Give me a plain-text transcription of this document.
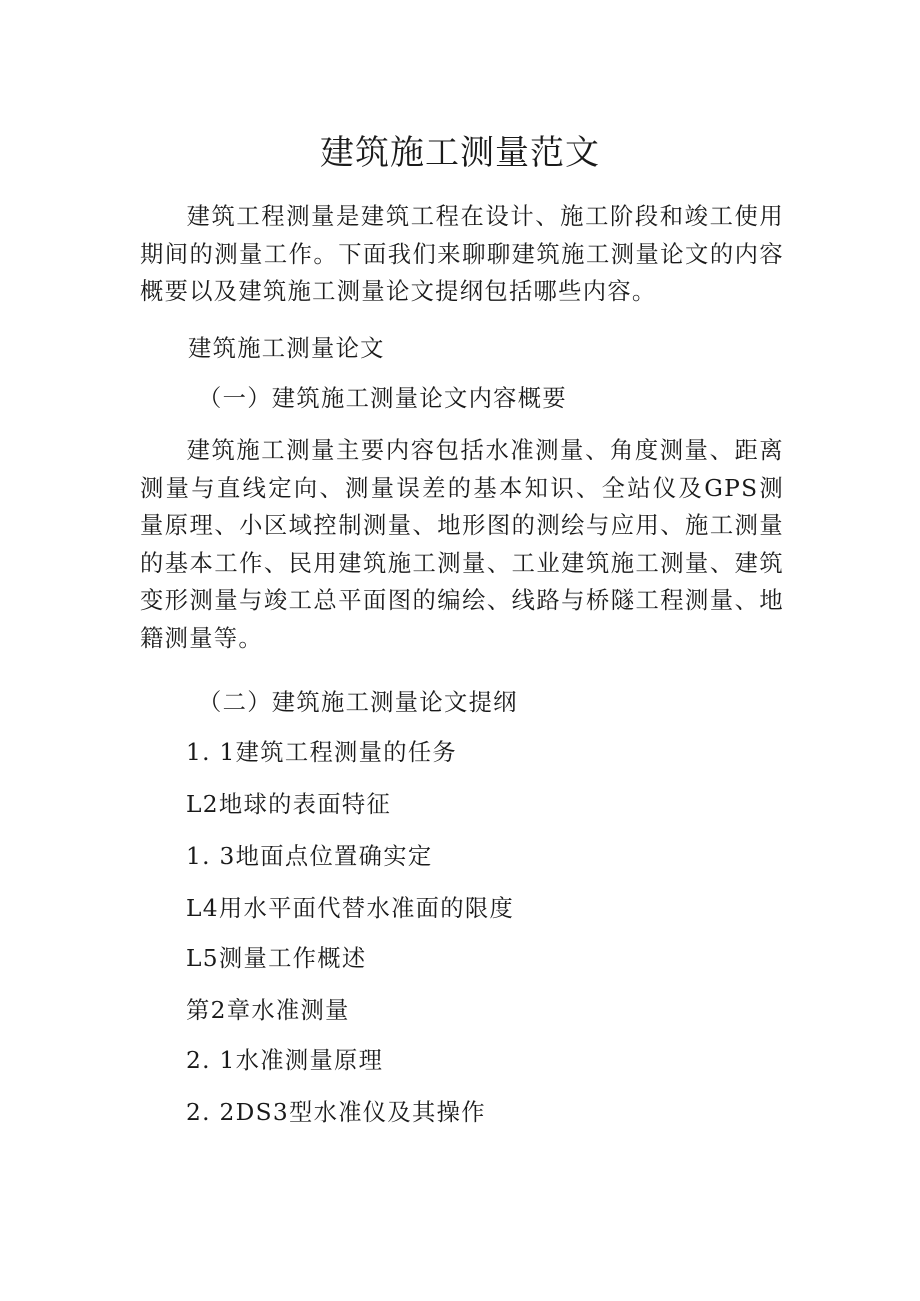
建筑施工测量范文

建筑工程测量是建筑工程在设计、施工阶段和竣工使用期间的测量工作。下面我们来聊聊建筑施工测量论文的内容概要以及建筑施工测量论文提纲包括哪些内容。

建筑施工测量论文

（一）建筑施工测量论文内容概要

建筑施工测量主要内容包括水准测量、角度测量、距离测量与直线定向、测量误差的基本知识、全站仪及GPS测量原理、小区域控制测量、地形图的测绘与应用、施工测量的基本工作、民用建筑施工测量、工业建筑施工测量、建筑变形测量与竣工总平面图的编绘、线路与桥隧工程测量、地籍测量等。

（二）建筑施工测量论文提纲

1. 1建筑工程测量的任务

L2地球的表面特征

1. 3地面点位置确实定

L4用水平面代替水准面的限度

L5测量工作概述

第2章水准测量

2. 1水准测量原理

2. 2DS3型水准仪及其操作
